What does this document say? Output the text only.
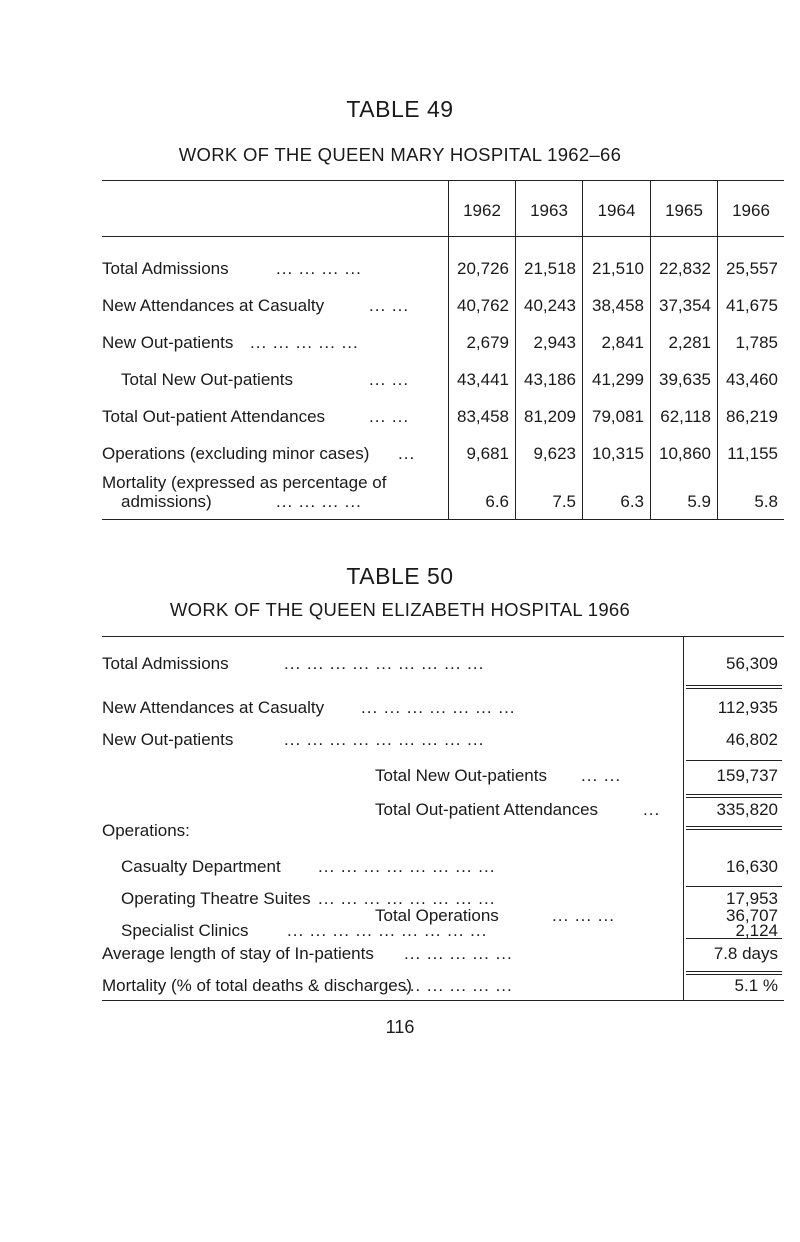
TABLE 49
WORK OF THE QUEEN MARY HOSPITAL 1962–66
1962	1963	1964	1965	1966
Total Admissions	... ... ... ...	20,726 21,518 21,510 22,832 25,557
New Attendances at Casualty	... ...	40,762 40,243 38,458 37,354 41,675
New Out-patients ... ... ... ... ...	2,679	2,943	2,841	2,281	1,785
Total New Out-patients	... ...	43,441 43,186 41,299 39,635 43,460
Total Out-patient Attendances	... ...	83,458 81,209 79,081 62,118 86,219
Operations (excluding minor cases) ...	9,681	9,623 10,315 10,860 11,155
Mortality (expressed as percentage of
admissions)	... ... ... ...	6.6	7.5	6.3	5.9	5.8
TABLE 50
WORK OF THE QUEEN ELIZABETH HOSPITAL 1966
Total Admissions	... ... ... ... ... ... ... ... ...	56,309
New Attendances at Casualty ... ... ... ... ... ... ...	112,935
New Out-patients	... ... ... ... ... ... ... ... ...	46,802
Total New Out-patients ... ...	159,737
Total Out-patient Attendances	...	335,820
Operations:
Casualty Department ... ... ... ... ... ... ... ...	16,630
Operating Theatre Suites ... ... ... ... ... ... ... ...	17,953
Specialist Clinics ... ... ... ... ... ... ... ... ...	2,124
Total Operations	... ... ...	36,707
Average length of stay of In-patients ... ... ... ... ...	7.8 days
Mortality (% of total deaths & discharges)
... ... ... ... ...	5.1 %
116
